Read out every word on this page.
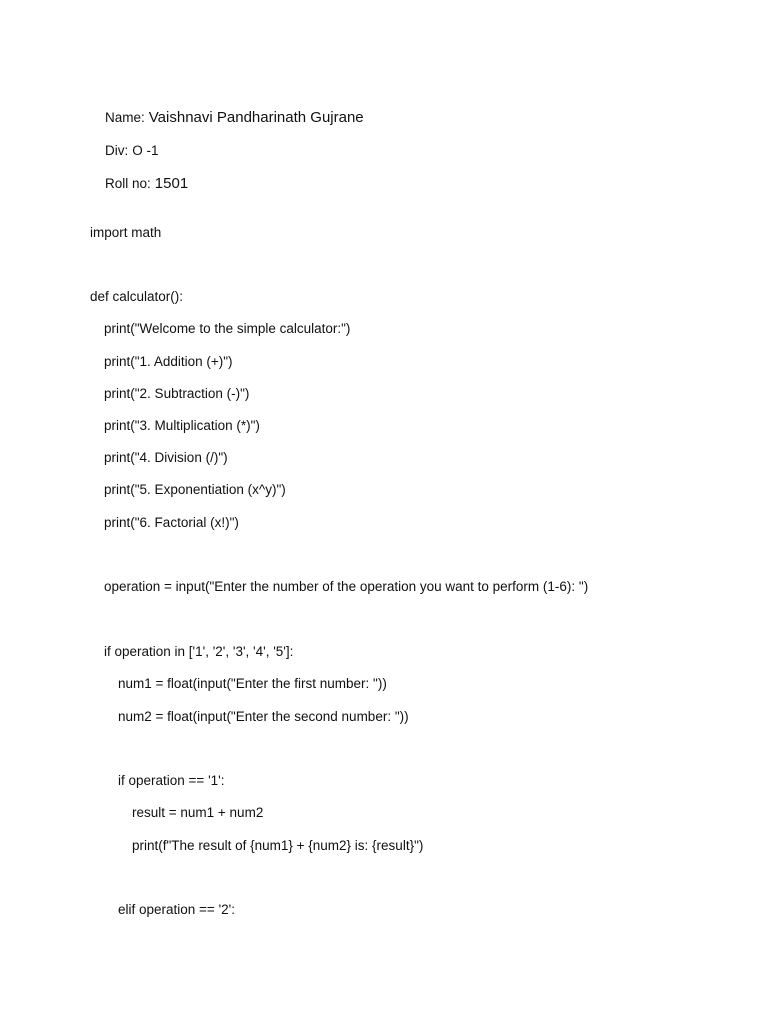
Name: Vaishnavi Pandharinath Gujrane

Div: O -1

Roll no: 1501

import math
def calculator():
print("Welcome to the simple calculator:")
print("1. Addition (+)")
print("2. Subtraction (-)")
print("3. Multiplication (*)")
print("4. Division (/)")
print("5. Exponentiation (x^y)")
print("6. Factorial (x!)")
operation = input("Enter the number of the operation you want to perform (1-6): ")
if operation in ['1', '2', '3', '4', '5']:
num1 = float(input("Enter the first number: "))
num2 = float(input("Enter the second number: "))
if operation == '1':
result = num1 + num2
print(f"The result of {num1} + {num2} is: {result}")
elif operation == '2':
